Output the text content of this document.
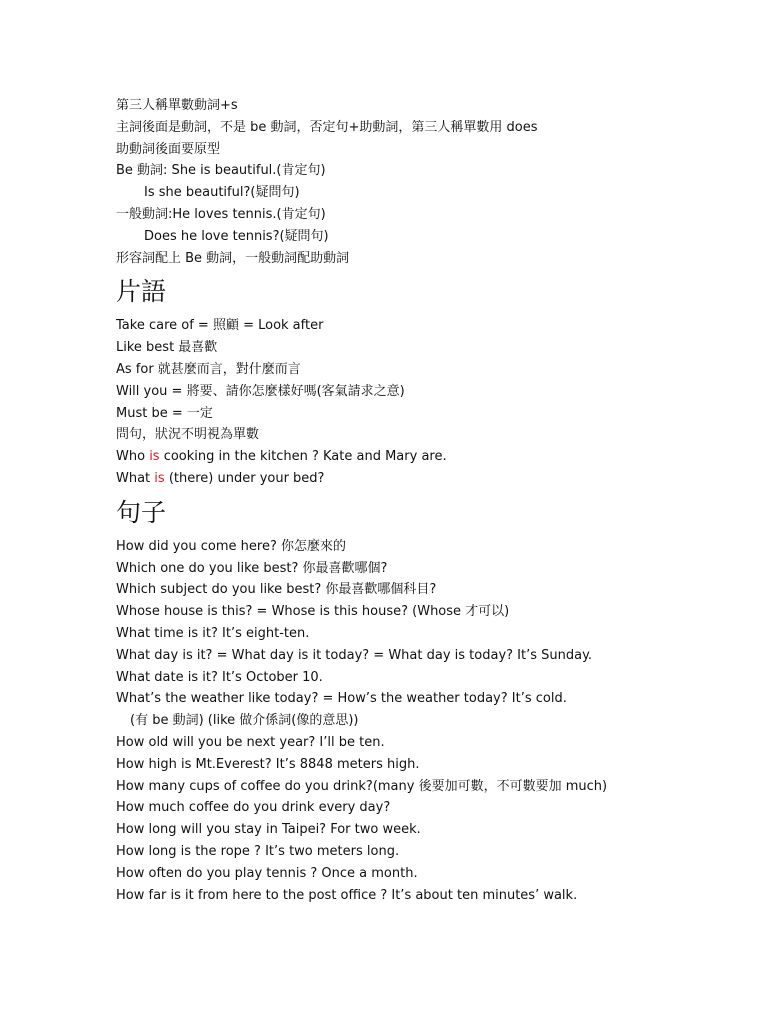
第三人稱單數動詞+s
主詞後面是動詞，不是 be 動詞，否定句+助動詞，第三人稱單數用 does
助動詞後面要原型
Be 動詞: She is beautiful.(肯定句)
Is she beautiful?(疑問句)
一般動詞:He loves tennis.(肯定句)
Does he love tennis?(疑問句)
形容詞配上 Be 動詞，一般動詞配助動詞
片語
Take care of = 照顧 = Look after
Like best 最喜歡
As for 就甚麼而言，對什麼而言
Will you = 將要、請你怎麼樣好嗎(客氣請求之意)
Must be = 一定
問句，狀況不明視為單數
Who is cooking in the kitchen ? Kate and Mary are.
What is (there) under your bed?
句子
How did you come here? 你怎麼來的
Which one do you like best? 你最喜歡哪個?
Which subject do you like best? 你最喜歡哪個科目?
Whose house is this? = Whose is this house? (Whose 才可以)
What time is it? It’s eight-ten.
What day is it? = What day is it today? = What day is today? It’s Sunday.
What date is it? It’s October 10.
What’s the weather like today? = How’s the weather today? It’s cold.
(有 be 動詞) (like 做介係詞(像的意思))
How old will you be next year? I’ll be ten.
How high is Mt.Everest? It’s 8848 meters high.
How many cups of coffee do you drink?(many 後要加可數，不可數要加 much)
How much coffee do you drink every day?
How long will you stay in Taipei? For two week.
How long is the rope ? It’s two meters long.
How often do you play tennis ? Once a month.
How far is it from here to the post office ? It’s about ten minutes’ walk.
